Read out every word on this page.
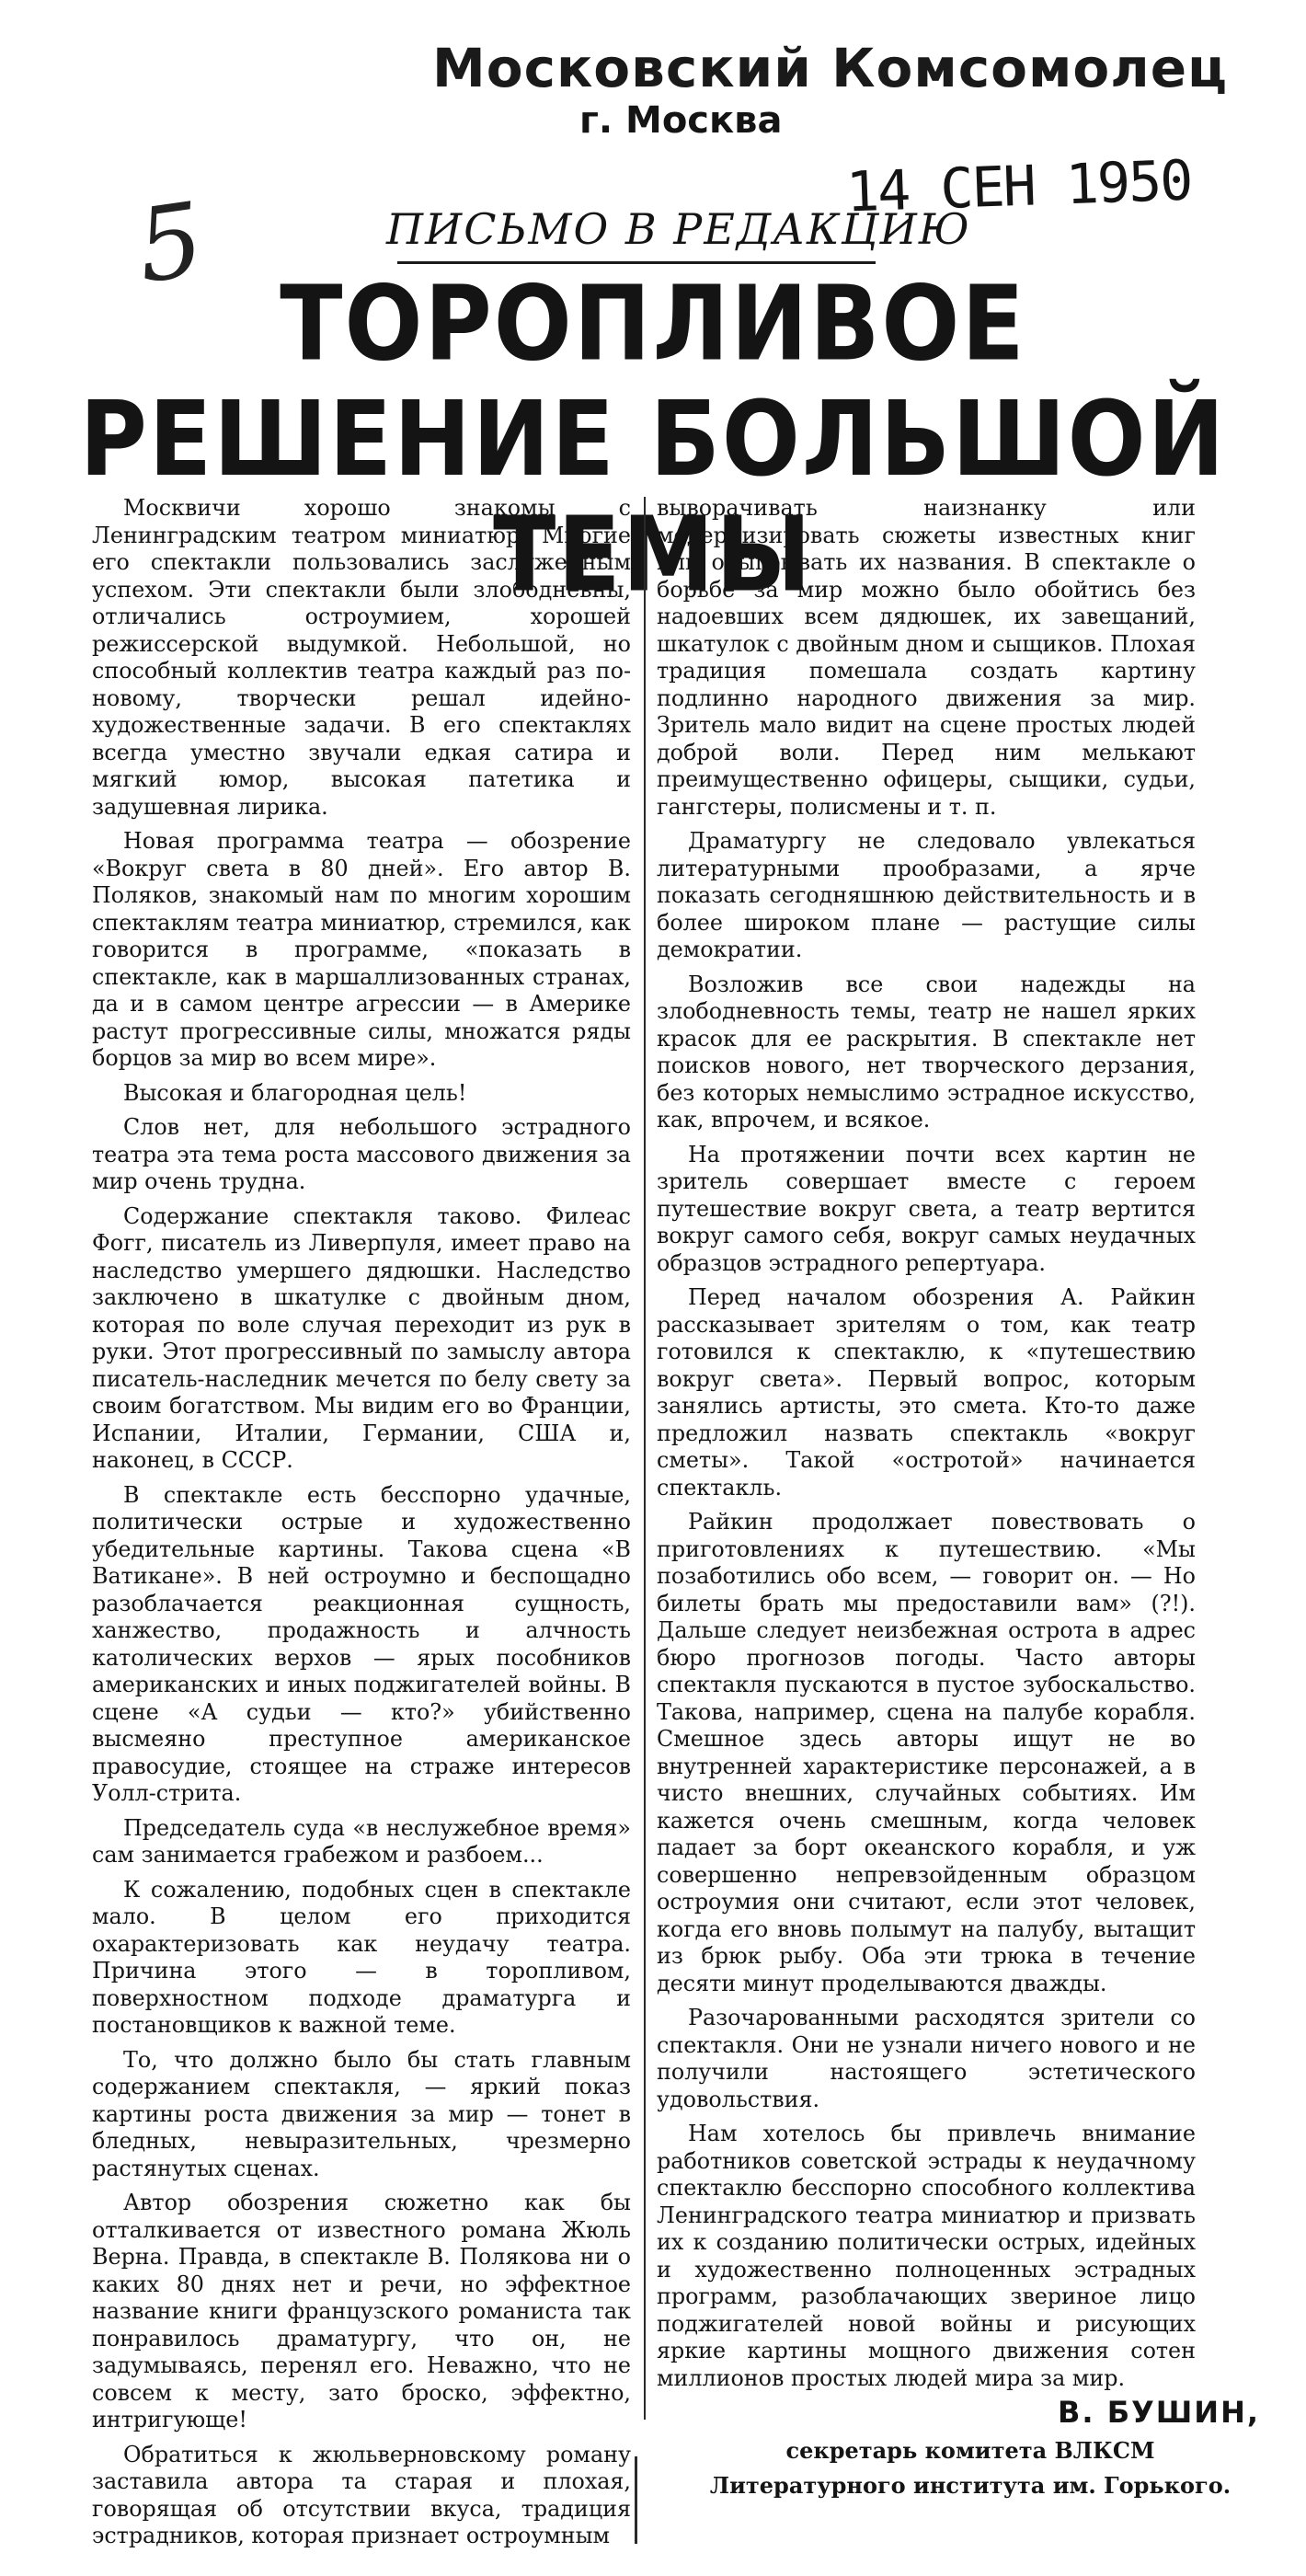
Московский Комсомолец
г. Москва
14 СЕН 1950
5	ПИСЬМО В РЕДАКЦИЮ
ТОРОПЛИВОЕ РЕШЕНИЕ БОЛЬШОЙ ТЕМЫ

Москвичи хорошо знакомы с Ленинградским театром миниатюр. Многие его спектакли пользовались заслуженным успехом. Эти спектакли были злободневны, отличались остроумием, хорошей режиссерской выдумкой. Небольшой, но способный коллектив театра каждый раз по-новому, творчески решал идейно-художественные задачи. В его спектаклях всегда уместно звучали едкая сатира и мягкий юмор, высокая патетика и задушевная лирика.

Новая программа театра — обозрение «Вокруг света в 80 дней». Его автор В. Поляков, знакомый нам по многим хорошим спектаклям театра миниатюр, стремился, как говорится в программе, «показать в спектакле, как в маршаллизованных странах, да и в самом центре агрессии — в Америке растут прогрессивные силы, множатся ряды борцов за мир во всем мире».

Высокая и благородная цель!

Слов нет, для небольшого эстрадного театра эта тема роста массового движения за мир очень трудна.

Содержание спектакля таково. Филеас Фогг, писатель из Ливерпуля, имеет право на наследство умершего дядюшки. Наследство заключено в шкатулке с двойным дном, которая по воле случая переходит из рук в руки. Этот прогрессивный по замыслу автора писатель-наследник мечется по белу свету за своим богатством. Мы видим его во Франции, Испании, Италии, Германии, США и, наконец, в СССР.

В спектакле есть бесспорно удачные, политически острые и художественно убедительные картины. Такова сцена «В Ватикане». В ней остроумно и беспощадно разоблачается реакционная сущность, ханжество, продажность и алчность католических верхов — ярых пособников американских и иных поджигателей войны. В сцене «А судьи — кто?» убийственно высмеяно преступное американское правосудие, стоящее на страже интересов Уолл-стрита.

Председатель суда «в неслужебное время» сам занимается грабежом и разбоем...

К сожалению, подобных сцен в спектакле мало. В целом его приходится охарактеризовать как неудачу театра. Причина этого — в торопливом, поверхностном подходе драматурга и постановщиков к важной теме.

То, что должно было бы стать главным содержанием спектакля, — яркий показ картины роста движения за мир — тонет в бледных, невыразительных, чрезмерно растянутых сценах.

Автор обозрения сюжетно как бы отталкивается от известного романа Жюль Верна. Правда, в спектакле В. Полякова ни о каких 80 днях нет и речи, но эффектное название книги французского романиста так понравилось драматургу, что он, не задумываясь, перенял его. Неважно, что не совсем к месту, зато броско, эффектно, интригующе!

Обратиться к жюльверновскому роману заставила автора та старая и плохая, говорящая об отсутствии вкуса, традиция эстрадников, которая признает остроумным

выворачивать наизнанку или модернизировать сюжеты известных книг или обыгрывать их названия. В спектакле о борьбе за мир можно было обойтись без надоевших всем дядюшек, их завещаний, шкатулок с двойным дном и сыщиков. Плохая традиция помешала создать картину подлинно народного движения за мир. Зритель мало видит на сцене простых людей доброй воли. Перед ним мелькают преимущественно офицеры, сыщики, судьи, гангстеры, полисмены и т. п.

Драматургу не следовало увлекаться литературными прообразами, а ярче показать сегодняшнюю действительность и в более широком плане — растущие силы демократии.

Возложив все свои надежды на злободневность темы, театр не нашел ярких красок для ее раскрытия. В спектакле нет поисков нового, нет творческого дерзания, без которых немыслимо эстрадное искусство, как, впрочем, и всякое.

На протяжении почти всех картин не зритель совершает вместе с героем путешествие вокруг света, а театр вертится вокруг самого себя, вокруг самых неудачных образцов эстрадного репертуара.

Перед началом обозрения А. Райкин рассказывает зрителям о том, как театр готовился к спектаклю, к «путешествию вокруг света». Первый вопрос, которым занялись артисты, это смета. Кто-то даже предложил назвать спектакль «вокруг сметы». Такой «остротой» начинается спектакль.

Райкин продолжает повествовать о приготовлениях к путешествию. «Мы позаботились обо всем, — говорит он. — Но билеты брать мы предоставили вам» (?!). Дальше следует неизбежная острота в адрес бюро прогнозов погоды. Часто авторы спектакля пускаются в пустое зубоскальство. Такова, например, сцена на палубе корабля. Смешное здесь авторы ищут не во внутренней характеристике персонажей, а в чисто внешних, случайных событиях. Им кажется очень смешным, когда человек падает за борт океанского корабля, и уж совершенно непревзойденным образцом остроумия они считают, если этот человек, когда его вновь полымут на палубу, вытащит из брюк рыбу. Оба эти трюка в течение десяти минут проделываются дважды.

Разочарованными расходятся зрители со спектакля. Они не узнали ничего нового и не получили настоящего эстетического удовольствия.

Нам хотелось бы привлечь внимание работников советской эстрады к неудачному спектаклю бесспорно способного коллектива Ленинградского театра миниатюр и призвать их к созданию политически острых, идейных и художественно полноценных эстрадных программ, разоблачающих звериное лицо поджигателей новой войны и рисующих яркие картины мощного движения сотен миллионов простых людей мира за мир.

В. БУШИН,
секретарь комитета ВЛКСМ Литературного института им. Горького.
